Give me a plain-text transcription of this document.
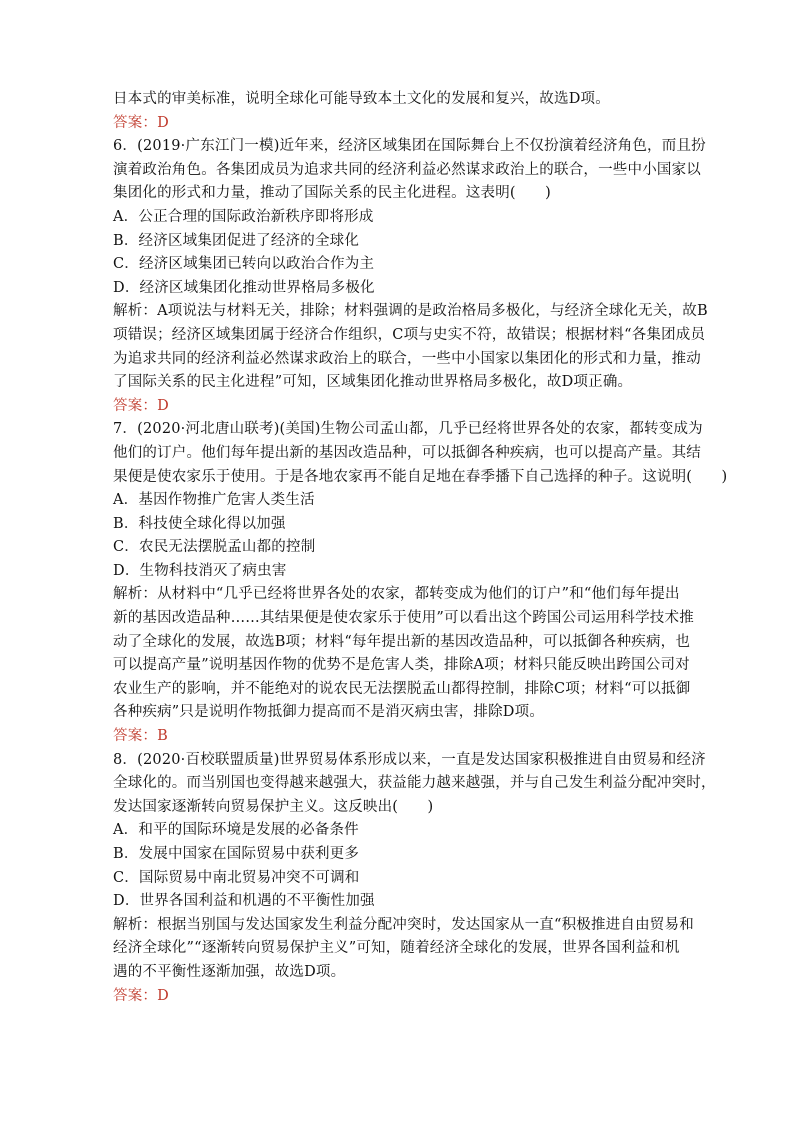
日本式的审美标准，说明全球化可能导致本土文化的发展和复兴，故选D项。
答案：D
6．(2019·广东江门一模)近年来，经济区域集团在国际舞台上不仅扮演着经济角色，而且扮
演着政治角色。各集团成员为追求共同的经济利益必然谋求政治上的联合，一些中小国家以
集团化的形式和力量，推动了国际关系的民主化进程。这表明(　　)
A．公正合理的国际政治新秩序即将形成
B．经济区域集团促进了经济的全球化
C．经济区域集团已转向以政治合作为主
D．经济区域集团化推动世界格局多极化
解析：A项说法与材料无关，排除；材料强调的是政治格局多极化，与经济全球化无关，故B
项错误；经济区域集团属于经济合作组织，C项与史实不符，故错误；根据材料“各集团成员
为追求共同的经济利益必然谋求政治上的联合，一些中小国家以集团化的形式和力量，推动
了国际关系的民主化进程”可知，区域集团化推动世界格局多极化，故D项正确。
答案：D
7．(2020·河北唐山联考)(美国)生物公司孟山都，几乎已经将世界各处的农家，都转变成为
他们的订户。他们每年提出新的基因改造品种，可以抵御各种疾病，也可以提高产量。其结
果便是使农家乐于使用。于是各地农家再不能自足地在春季播下自己选择的种子。这说明(　　)
A．基因作物推广危害人类生活
B．科技使全球化得以加强
C．农民无法摆脱孟山都的控制
D．生物科技消灭了病虫害
解析：从材料中“几乎已经将世界各处的农家，都转变成为他们的订户”和“他们每年提出
新的基因改造品种……其结果便是使农家乐于使用”可以看出这个跨国公司运用科学技术推
动了全球化的发展，故选B项；材料“每年提出新的基因改造品种，可以抵御各种疾病，也
可以提高产量”说明基因作物的优势不是危害人类，排除A项；材料只能反映出跨国公司对
农业生产的影响，并不能绝对的说农民无法摆脱孟山都得控制，排除C项；材料“可以抵御
各种疾病”只是说明作物抵御力提高而不是消灭病虫害，排除D项。
答案：B
8．(2020·百校联盟质量)世界贸易体系形成以来，一直是发达国家积极推进自由贸易和经济
全球化的。而当别国也变得越来越强大，获益能力越来越强，并与自己发生利益分配冲突时，
发达国家逐渐转向贸易保护主义。这反映出(　　)
A．和平的国际环境是发展的必备条件
B．发展中国家在国际贸易中获利更多
C．国际贸易中南北贸易冲突不可调和
D．世界各国利益和机遇的不平衡性加强
解析：根据当别国与发达国家发生利益分配冲突时，发达国家从一直“积极推进自由贸易和
经济全球化”“逐渐转向贸易保护主义”可知，随着经济全球化的发展，世界各国利益和机
遇的不平衡性逐渐加强，故选D项。
答案：D
